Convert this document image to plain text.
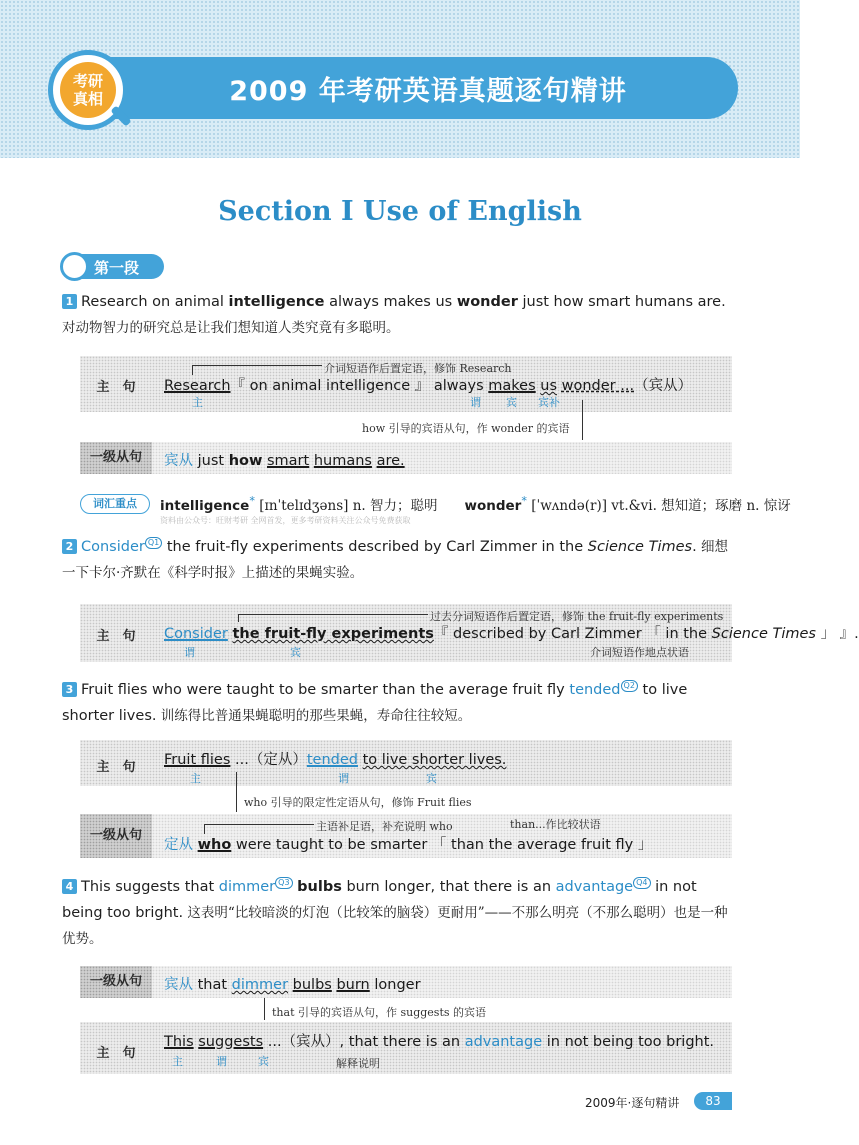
2009 年考研英语真题逐句精讲
考研
真相
Section Ⅰ Use of English
第一段
1 Research on animal intelligence always makes us wonder just how smart humans are. 对动物智力的研究总是让我们想知道人类究竟有多聪明。
主　句	Research『 on animal intelligence 』 always makes us wonder ...（宾从）
介词短语作后置定语，修饰 Research
主	谓 宾 宾补
how 引导的宾语从句，作 wonder 的宾语
一级从句	宾从 just how smart humans are.
词汇重点	intelligence* [ɪnˈtelɪdʒəns] n. 智力；聪明　　 wonder* [ˈwʌndə(r)] vt.&vi. 想知道；琢磨 n. 惊讶
资料由公众号：旺财考研 全网首发，更多考研资料关注公众号免费获取
2 Consider Q1 the fruit-fly experiments described by Carl Zimmer in the Science Times. 细想一下卡尔·齐默在《科学时报》上描述的果蝇实验。
主　句	Consider the fruit-fly experiments『 described by Carl Zimmer 「 in the Science Times 」 』.
过去分词短语作后置定语，修饰 the fruit-fly experiments
谓	宾	介词短语作地点状语
3 Fruit flies who were taught to be smarter than the average fruit fly tended Q2 to live shorter lives. 训练得比普通果蝇聪明的那些果蝇，寿命往往较短。
主　句	Fruit flies ...（定从）tended to live shorter lives.
主	谓	宾
who 引导的限定性定语从句，修饰 Fruit flies
一级从句
定从 who were taught to be smarter 「 than the average fruit fly 」
主语补足语，补充说明 who	than...作比较状语
4 This suggests that dimmer Q3 bulbs burn longer, that there is an advantage Q4 in not being too bright. 这表明“比较暗淡的灯泡（比较笨的脑袋）更耐用”——不那么明亮（不那么聪明）也是一种优势。
一级从句	宾从 that dimmer bulbs burn longer
that 引导的宾语从句，作 suggests 的宾语
主　句
This suggests ...（宾从）, that there is an advantage in not being too bright.
主	谓	宾	解释说明
2009年·逐句精讲	83
